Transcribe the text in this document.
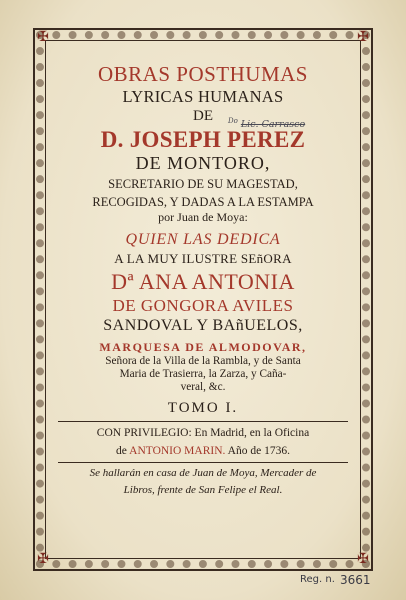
✠	✠
✠	✠
OBRAS POSTHUMAS
LYRICAS HUMANAS
DE
D. JOSEPH PEREZ
DE MONTORO,
SECRETARIO DE SU MAGESTAD,
RECOGIDAS, Y DADAS A LA ESTAMPA
por Juan de Moya:
QUIEN LAS DEDICA
A LA MUY ILUSTRE SEñORA
Dª ANA ANTONIA
DE GONGORA AVILES
SANDOVAL Y BAñUELOS,
MARQUESA DE ALMODOVAR,
Señora de la Villa de la Rambla, y de Santa
Maria de Trasierra, la Zarza, y Caña-
veral, &c.
TOMO I.
CON PRIVILEGIO: En Madrid, en la Oficina
de ANTONIO MARIN. Año de 1736.
Se hallarán en casa de Juan de Moya, Mercader de
Libros, frente de San Felipe el Real.
$^{Do}$ Lic. Carrasco
Reg. n. 3661
